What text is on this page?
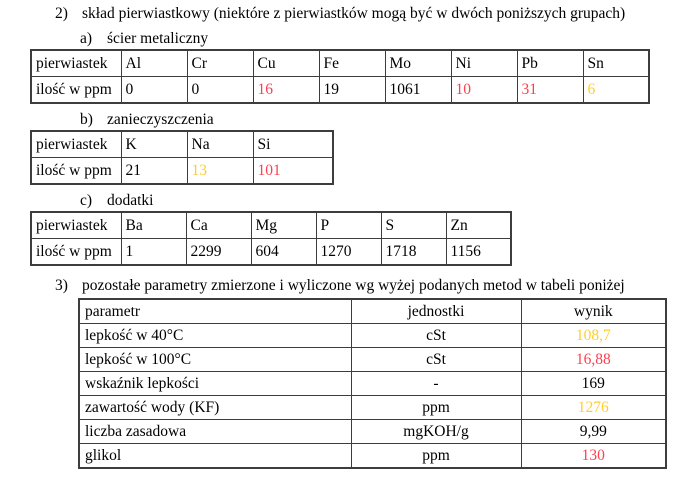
2) skład pierwiastkowy (niektóre z pierwiastków mogą być w dwóch poniższych grupach)
a) ścier metaliczny
pierwiastek	Al	Cr	Cu	Fe	Mo	Ni	Pb	Sn
ilość w ppm	0	0	16	19	1061	10	31	6
b) zanieczyszczenia
pierwiastek	K	Na	Si
ilość w ppm	21	13	101
c) dodatki
pierwiastek	Ba	Ca	Mg	P	S	Zn
ilość w ppm	1	2299	604	1270	1718	1156
3) pozostałe parametry zmierzone i wyliczone wg wyżej podanych metod w tabeli poniżej
parametr	jednostki	wynik
lepkość w 40°C	cSt	108,7
lepkość w 100°C	cSt	16,88
wskaźnik lepkości	-	169
zawartość wody (KF)	ppm	1276
liczba zasadowa	mgKOH/g	9,99
glikol	ppm	130
